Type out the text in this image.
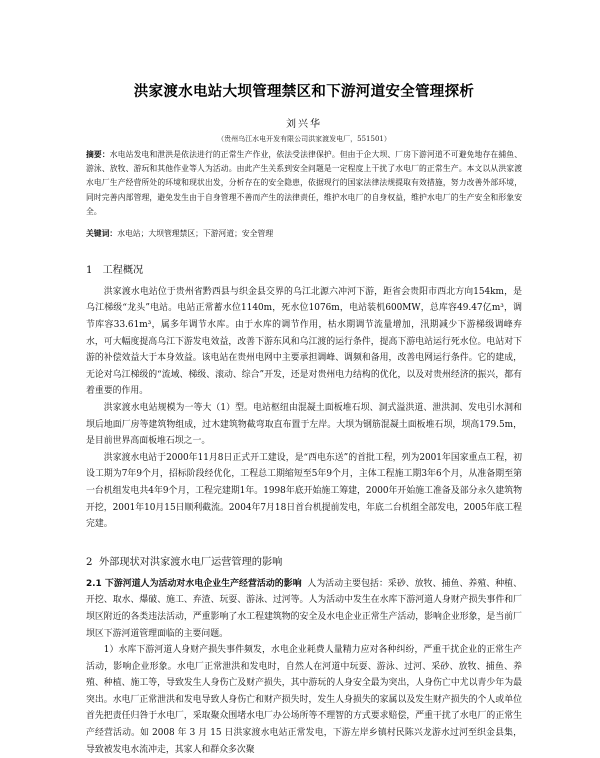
洪家渡水电站大坝管理禁区和下游河道安全管理探析
刘兴华
（贵州乌江水电开发有限公司洪家渡发电厂，551501）

摘要：水电站发电和泄洪是依法进行的正常生产作业，依法受法律保护。但由于企大坝、厂房下游河道不可避免地存在捕鱼、游泳、放牧、游玩和其他作业等人为活动。由此产生关系到安全问题是一定程度上干扰了水电厂的正常生产。本文以从洪家渡水电厂生产经营所处的环境和现状出发，分析存在的安全隐患，依据现行的国家法律法规提取有效措施，努力改善外部环境，同时完善内部管理，避免发生由于自身管理不善而产生的法律责任，维护水电厂的自身权益，维护水电厂的生产安全和形象安全。

关键词：水电站；大坝管理禁区；下游河道；安全管理

1 工程概况

洪家渡水电站位于贵州省黔西县与织金县交界的乌江北源六冲河下游，距省会贵阳市西北方向154km，是乌江梯级“龙头”电站。电站正常蓄水位1140m，死水位1076m，电站装机600MW，总库容49.47亿m³，调节库容33.61m³，属多年调节水库。由于水库的调节作用，枯水期调节流量增加，汛期减少下游梯级调峰弃水，可大幅度提高乌江下游发电效益，改善下游东风和乌江渡的运行条件，提高下游电站运行死水位。电站对下游的补偿效益大于本身效益。该电站在贵州电网中主要承担调峰、调频和备用，改善电网运行条件。它的建成，无论对乌江梯级的“流域、梯级、滚动、综合”开发，还是对贵州电力结构的优化，以及对贵州经济的振兴，都有着重要的作用。

洪家渡水电站规模为一等大（1）型。电站枢纽由混凝土面板堆石坝、洞式溢洪道、泄洪洞、发电引水洞和坝后地面厂房等建筑物组成，过木建筑物截弯取直布置于左岸。大坝为钢筋混凝土面板堆石坝，坝高179.5m，是目前世界高面板堆石坝之一。

洪家渡水电站于2000年11月8日正式开工建设，是“西电东送”的首批工程，列为2001年国家重点工程，初设工期为7年9个月，招标阶段经优化，工程总工期缩短至5年9个月，主体工程施工期3年6个月，从准备期至第一台机组发电共4年9个月，工程完建期1年。1998年底开始施工筹建，2000年开始施工准备及部分永久建筑物开挖，2001年10月15日顺利截流。2004年7月18日首台机提前发电，年底二台机组全部发电，2005年底工程完建。

2 外部现状对洪家渡水电厂运营管理的影响

2.1 下游河道人为活动对水电企业生产经营活动的影响 人为活动主要包括：采砂、放牧、捕鱼、养殖、种植、开挖、取水、爆破、施工、弃渣、玩耍、游泳、过河等。人为活动中发生在水库下游河道人身财产损失事件和厂坝区附近的各类违法活动，严重影响了水工程建筑物的安全及水电企业正常生产活动，影响企业形象，是当前厂坝区下游河道管理面临的主要问题。

1）水库下游河道人身财产损失事件频发，水电企业耗费人量精力应对各种纠纷，严重干扰企业的正常生产活动，影响企业形象。水电厂正常泄洪和发电时，自然人在河道中玩耍、游泳、过河、采砂、放牧、捕鱼、养殖、种植、施工等，导致发生人身伤亡及财产损失，其中游玩的人身安全最为突出，人身伤亡中尤以青少年为最突出。水电厂正常泄洪和发电导致人身伤亡和财产损失时，发生人身损失的家属以及发生财产损失的个人或单位首先把责任归咎于水电厂，采取聚众围堵水电厂办公场所等不理智的方式要求赔偿，严重干扰了水电厂的正常生产经营活动。如 2008 年 3 月 15 日洪家渡水电站正常发电，下游左岸乡镇村民陈兴龙游水过河至织金县集，导致被发电水流冲走，其家人和群众多次聚
